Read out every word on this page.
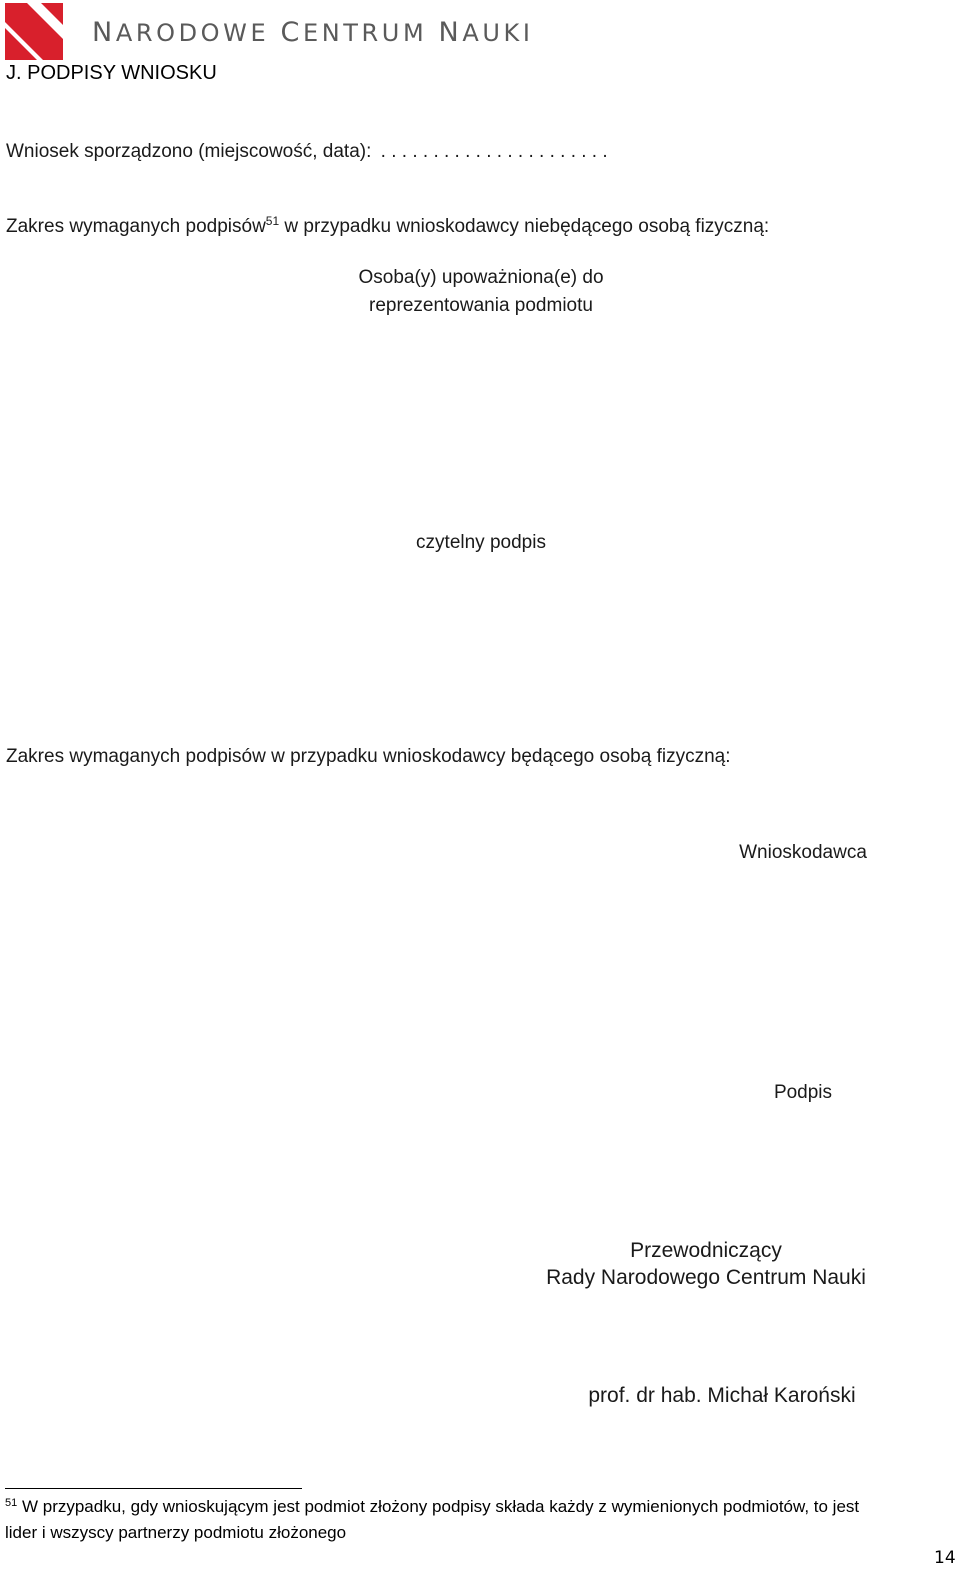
NARODOWE CENTRUM NAUKI
J. PODPISY WNIOSKU
Wniosek sporządzono (miejscowość, data): . . . . . . . . . . . . . . . . . . . . . .
Zakres wymaganych podpisów$^{51}$ w przypadku wnioskodawcy niebędącego osobą fizyczną:
Osoba(y) upoważniona(e) do
reprezentowania podmiotu
czytelny podpis
Zakres wymaganych podpisów w przypadku wnioskodawcy będącego osobą fizyczną:
Wnioskodawca
Podpis
Przewodniczący
Rady Narodowego Centrum Nauki
prof. dr hab. Michał Karoński
$^{51}$ W przypadku, gdy wnioskującym jest podmiot złożony podpisy składa każdy z wymienionych podmiotów, to jest
lider i wszyscy partnerzy podmiotu złożonego
14
